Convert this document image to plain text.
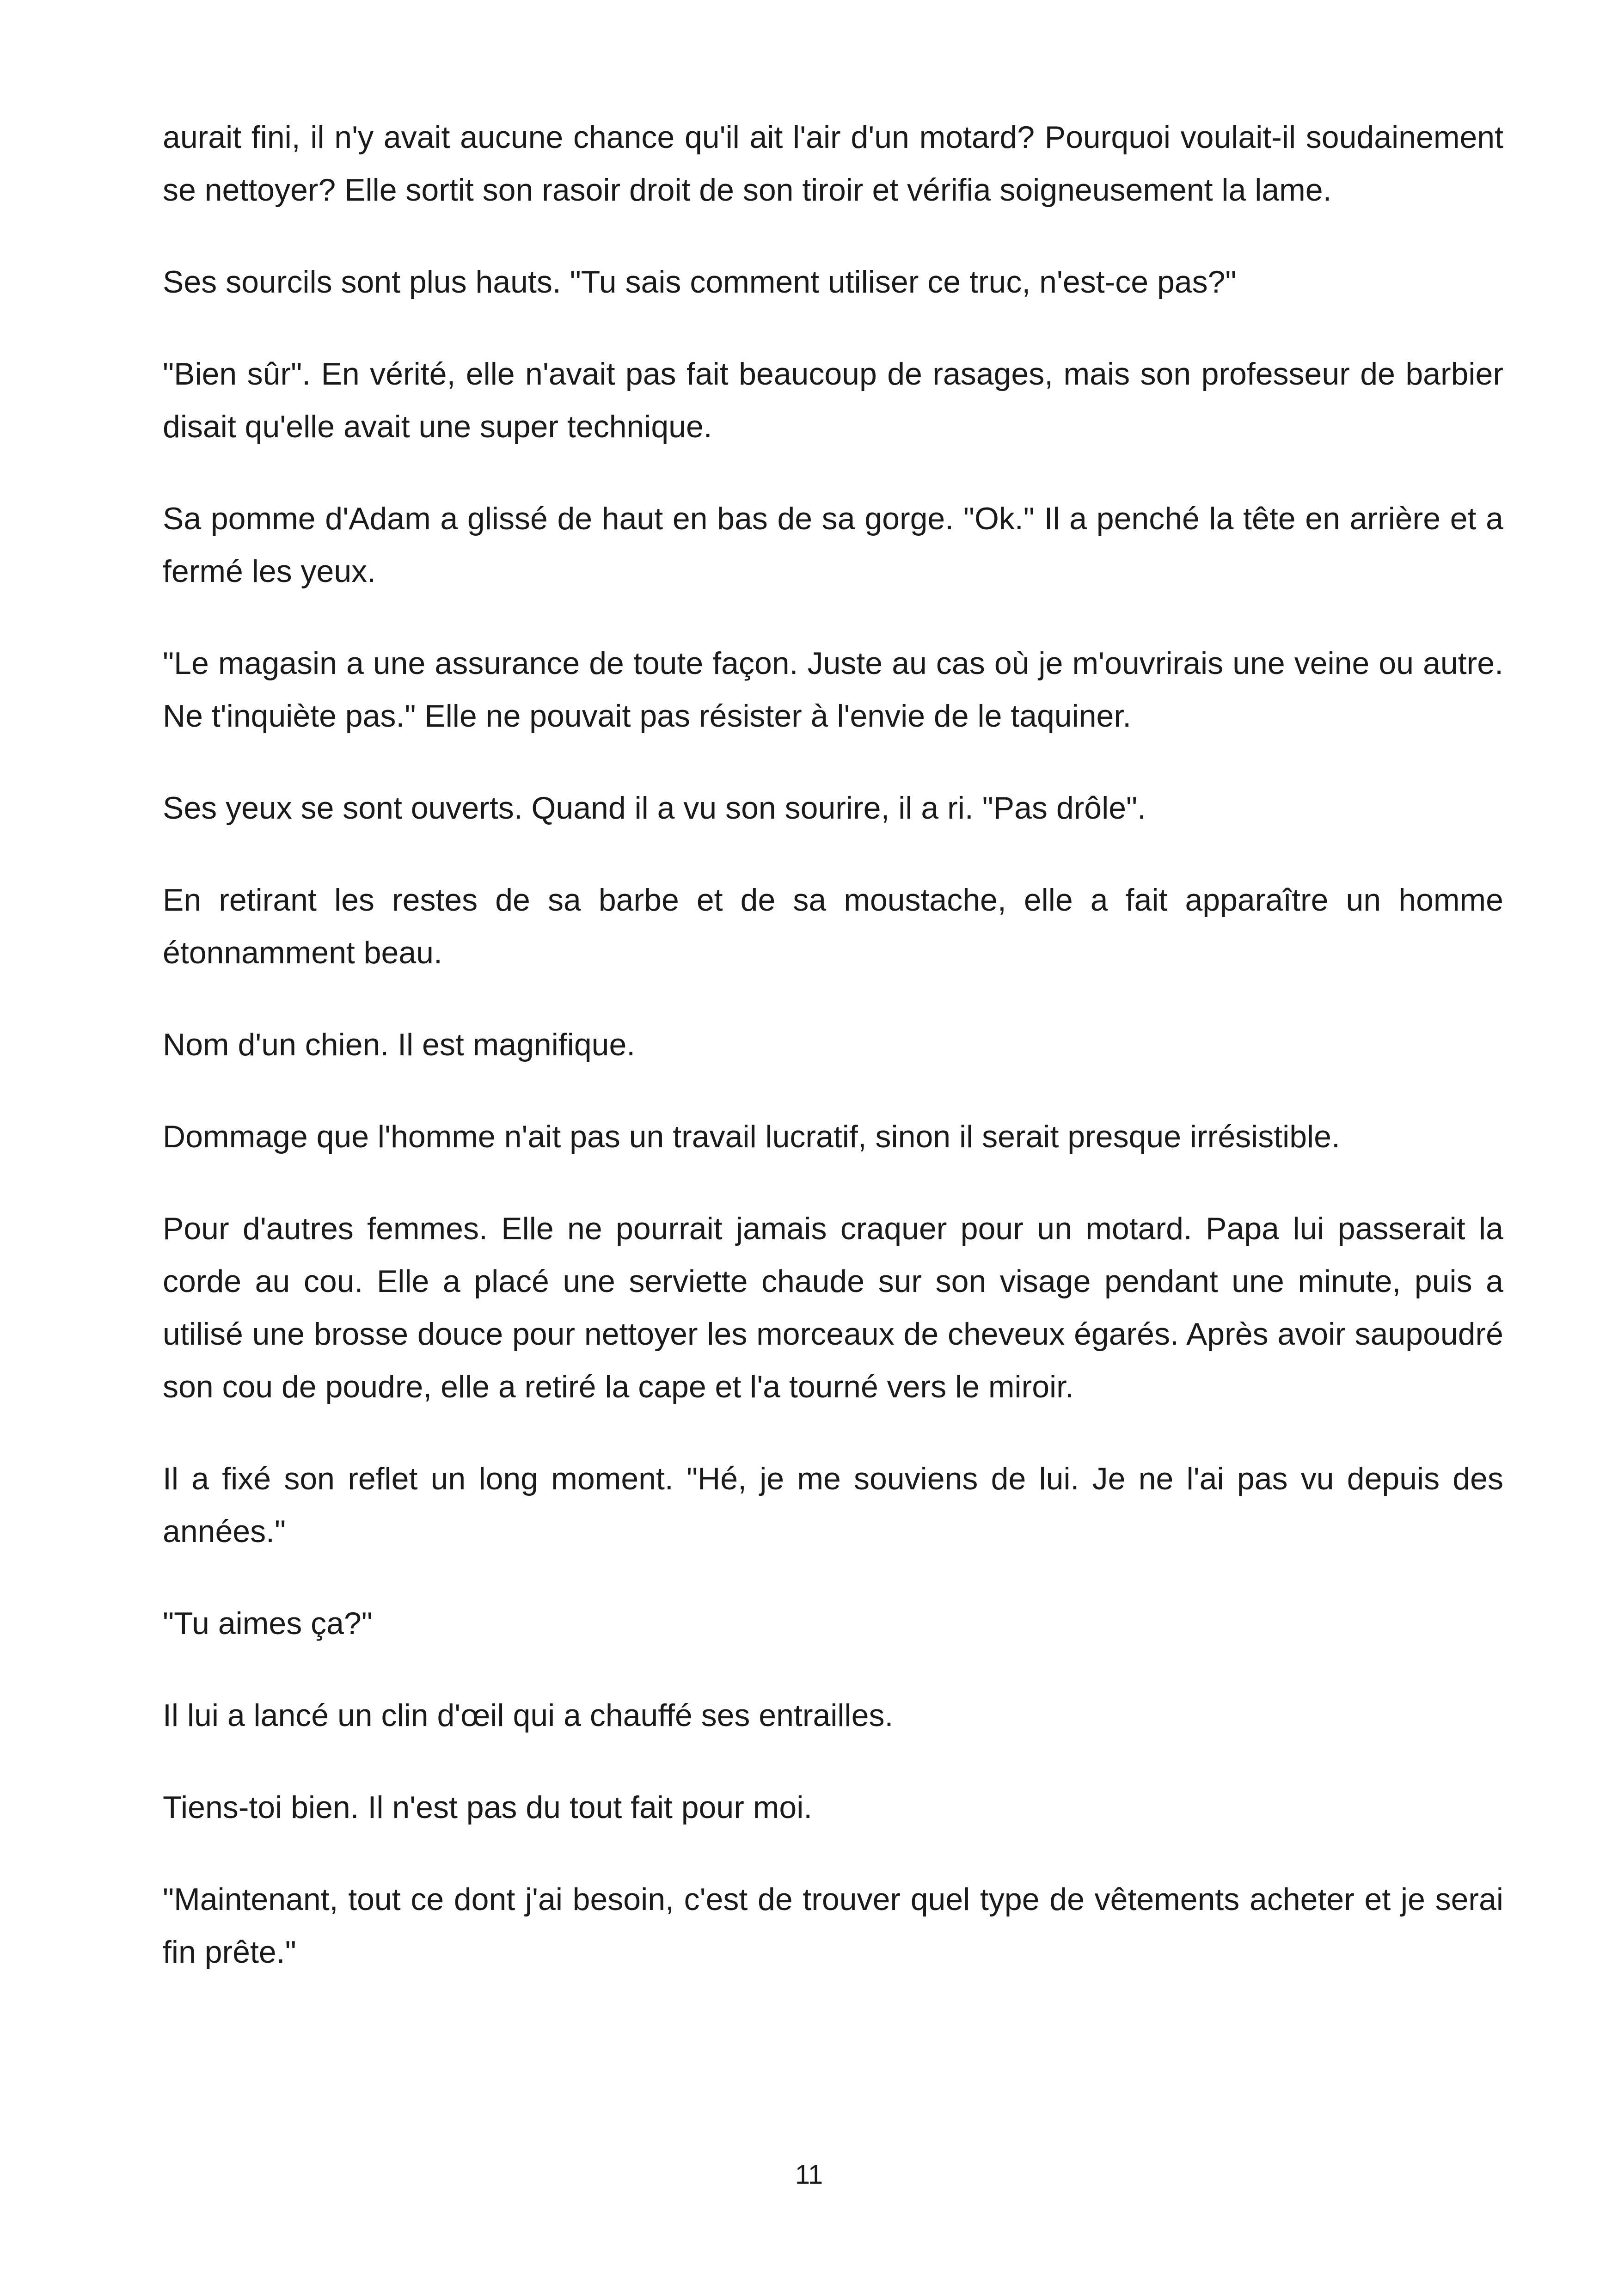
aurait fini, il n'y avait aucune chance qu'il ait l'air d'un motard? Pourquoi voulait-il soudainement se nettoyer? Elle sortit son rasoir droit de son tiroir et vérifia soigneusement la lame.

Ses sourcils sont plus hauts. "Tu sais comment utiliser ce truc, n'est-ce pas?"

"Bien sûr". En vérité, elle n'avait pas fait beaucoup de rasages, mais son professeur de barbier disait qu'elle avait une super technique.

Sa pomme d'Adam a glissé de haut en bas de sa gorge. "Ok." Il a penché la tête en arrière et a fermé les yeux.

"Le magasin a une assurance de toute façon. Juste au cas où je m'ouvrirais une veine ou autre. Ne t'inquiète pas." Elle ne pouvait pas résister à l'envie de le taquiner.

Ses yeux se sont ouverts. Quand il a vu son sourire, il a ri. "Pas drôle".

En retirant les restes de sa barbe et de sa moustache, elle a fait apparaître un homme étonnamment beau.

Nom d'un chien. Il est magnifique.

Dommage que l'homme n'ait pas un travail lucratif, sinon il serait presque irrésistible.

Pour d'autres femmes. Elle ne pourrait jamais craquer pour un motard. Papa lui passerait la corde au cou. Elle a placé une serviette chaude sur son visage pendant une minute, puis a utilisé une brosse douce pour nettoyer les morceaux de cheveux égarés. Après avoir saupoudré son cou de poudre, elle a retiré la cape et l'a tourné vers le miroir.

Il a fixé son reflet un long moment. "Hé, je me souviens de lui. Je ne l'ai pas vu depuis des années."

"Tu aimes ça?"

Il lui a lancé un clin d'œil qui a chauffé ses entrailles.

Tiens-toi bien. Il n'est pas du tout fait pour moi.

"Maintenant, tout ce dont j'ai besoin, c'est de trouver quel type de vêtements acheter et je serai fin prête."

11
